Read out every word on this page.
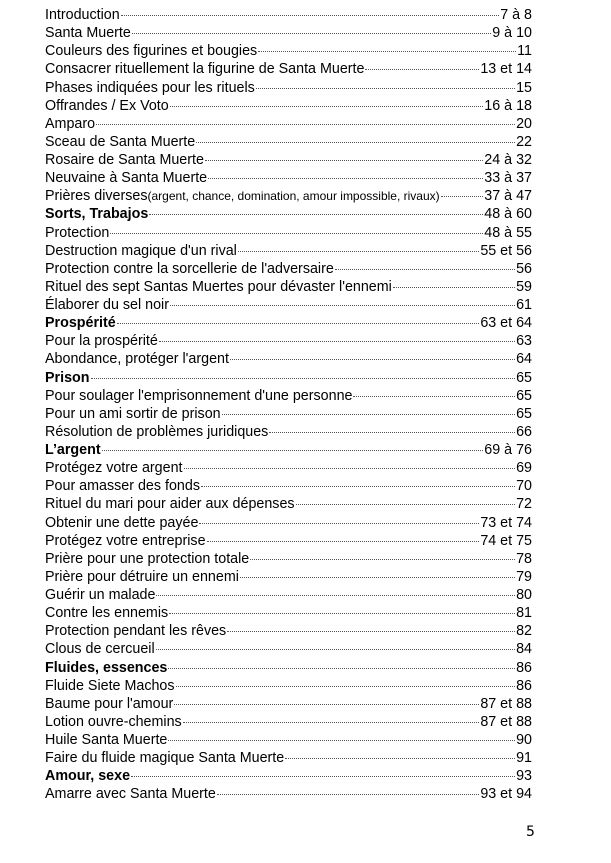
Introduction	7 à 8
Santa Muerte	9 à 10
Couleurs des figurines et bougies	11
Consacrer rituellement la figurine de Santa Muerte	13 et 14
Phases indiquées pour les rituels	15
Offrandes / Ex Voto	16 à 18
Amparo	20
Sceau de Santa Muerte	22
Rosaire de Santa Muerte	24 à 32
Neuvaine à Santa Muerte	33 à 37
Prières diverses (argent, chance, domination, amour impossible, rivaux)	37 à 47
Sorts, Trabajos	48 à 60
Protection	48 à 55
Destruction magique d'un rival	55 et 56
Protection contre la sorcellerie de l'adversaire	56
Rituel des sept Santas Muertes pour dévaster l'ennemi	59
Élaborer du sel noir	61
Prospérité	63 et 64
Pour la prospérité	63
Abondance, protéger l'argent	64
Prison	65
Pour soulager l'emprisonnement d'une personne	65
Pour un ami sortir de prison	65
Résolution de problèmes juridiques	66
L’argent	69 à 76
Protégez votre argent	69
Pour amasser des fonds	70
Rituel du mari pour aider aux dépenses	72
Obtenir une dette payée	73 et 74
Protégez votre entreprise	74 et 75
Prière pour une protection totale	78
Prière pour détruire un ennemi	79
Guérir un malade	80
Contre les ennemis	81
Protection pendant les rêves	82
Clous de cercueil	84
Fluides, essences	86
Fluide Siete Machos	86
Baume pour l'amour	87 et 88
Lotion ouvre-chemins	87 et 88
Huile Santa Muerte	90
Faire du fluide magique Santa Muerte	91
Amour, sexe	93
Amarre avec Santa Muerte	93 et 94
5
